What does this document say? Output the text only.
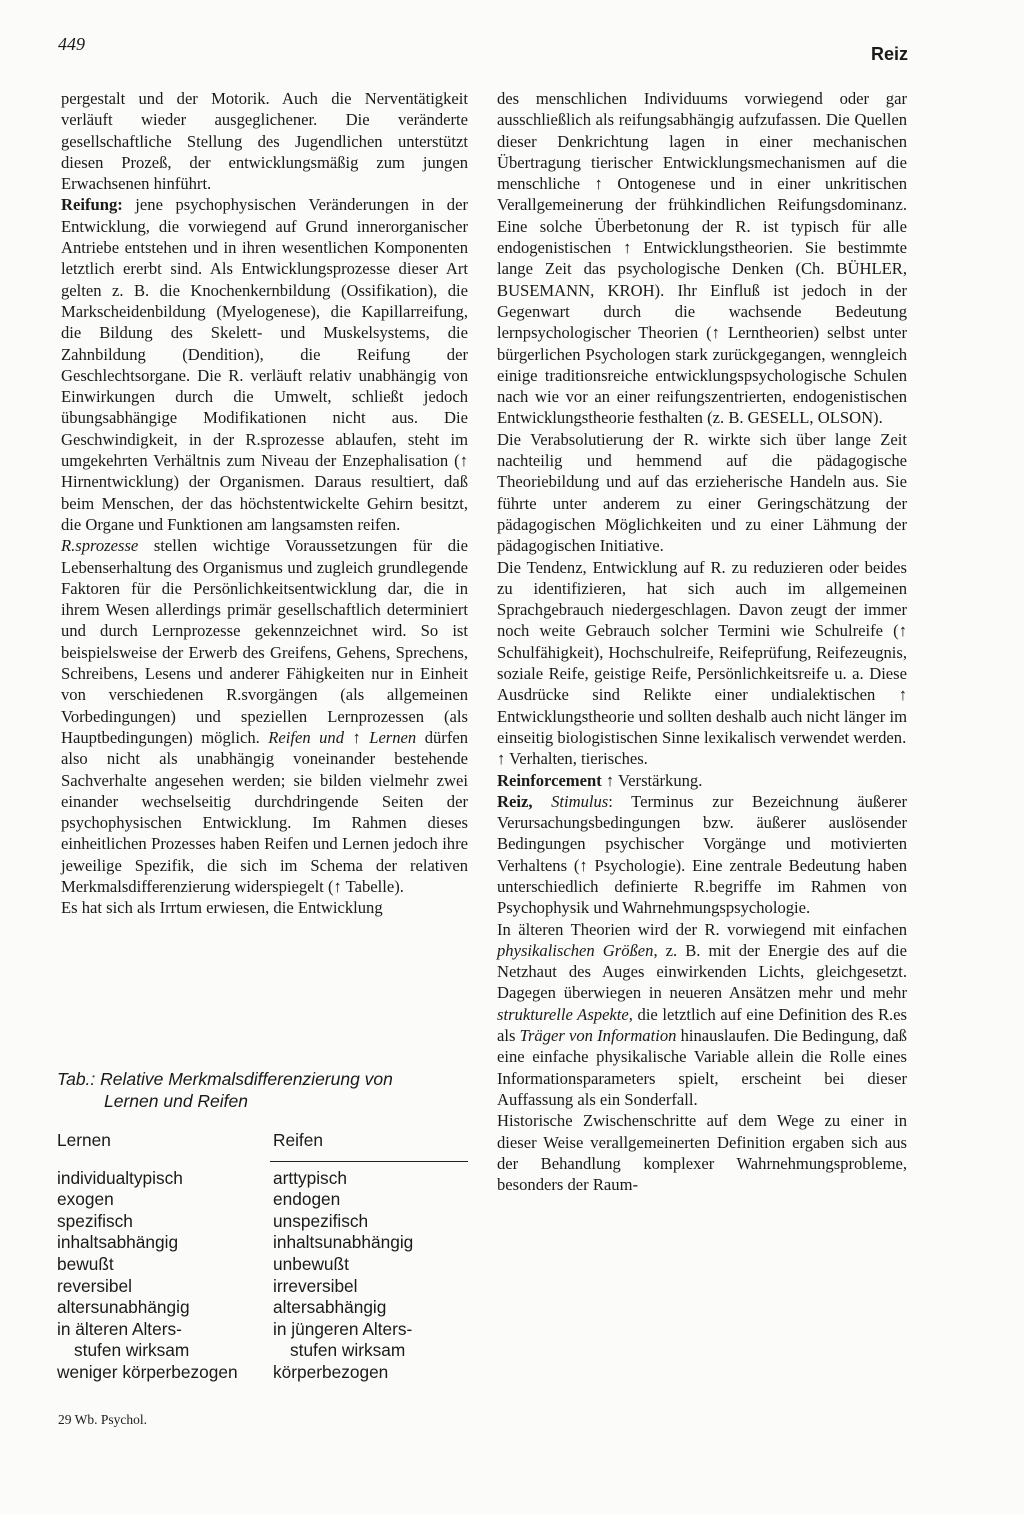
449	Reiz

pergestalt und der Motorik. Auch die Nerventätigkeit verläuft wieder ausgeglichener. Die veränderte gesellschaftliche Stellung des Jugendlichen unterstützt diesen Prozeß, der entwicklungsmäßig zum jungen Erwachsenen hinführt.

Reifung: jene psychophysischen Veränderungen in der Entwicklung, die vorwiegend auf Grund innerorganischer Antriebe entstehen und in ihren wesentlichen Komponenten letztlich ererbt sind. Als Entwicklungsprozesse dieser Art gelten z. B. die Knochenkernbildung (Ossifikation), die Markscheidenbildung (Myelogenese), die Kapillarreifung, die Bildung des Skelett- und Muskelsystems, die Zahnbildung (Dendition), die Reifung der Geschlechtsorgane. Die R. verläuft relativ unabhängig von Einwirkungen durch die Umwelt, schließt jedoch übungsabhängige Modifikationen nicht aus. Die Geschwindigkeit, in der R.sprozesse ablaufen, steht im umgekehrten Verhältnis zum Niveau der Enzephalisation (↑ Hirnentwicklung) der Organismen. Daraus resultiert, daß beim Menschen, der das höchstentwickelte Gehirn besitzt, die Organe und Funktionen am langsamsten reifen.

R.sprozesse stellen wichtige Voraussetzungen für die Lebenserhaltung des Organismus und zugleich grundlegende Faktoren für die Persönlichkeitsentwicklung dar, die in ihrem Wesen allerdings primär gesellschaftlich determiniert und durch Lernprozesse gekennzeichnet wird. So ist beispielsweise der Erwerb des Greifens, Gehens, Sprechens, Schreibens, Lesens und anderer Fähigkeiten nur in Einheit von verschiedenen R.svorgängen (als allgemeinen Vorbedingungen) und speziellen Lernprozessen (als Hauptbedingungen) möglich. Reifen und ↑ Lernen dürfen also nicht als unabhängig voneinander bestehende Sachverhalte angesehen werden; sie bilden vielmehr zwei einander wechselseitig durchdringende Seiten der psychophysischen Entwicklung. Im Rahmen dieses einheitlichen Prozesses haben Reifen und Lernen jedoch ihre jeweilige Spezifik, die sich im Schema der relativen Merkmalsdifferenzierung widerspiegelt (↑ Tabelle).

Es hat sich als Irrtum erwiesen, die Entwicklung

Tab.: Relative Merkmalsdifferenzierung von
Lernen und Reifen
Lernen	Reifen
individualtypisch	arttypisch
exogen	endogen
spezifisch	unspezifisch
inhaltsabhängig	inhaltsunabhängig
bewußt	unbewußt
reversibel	irreversibel
altersunabhängig	altersabhängig
in älteren Alters-	in jüngeren Alters-
stufen wirksam	stufen wirksam
weniger körperbezogen	körperbezogen

des menschlichen Individuums vorwiegend oder gar ausschließlich als reifungsabhängig aufzufassen. Die Quellen dieser Denkrichtung lagen in einer mechanischen Übertragung tierischer Entwicklungsmechanismen auf die menschliche ↑ Ontogenese und in einer unkritischen Verallgemeinerung der frühkindlichen Reifungsdominanz. Eine solche Überbetonung der R. ist typisch für alle endogenistischen ↑ Entwicklungstheorien. Sie bestimmte lange Zeit das psychologische Denken (Ch. BÜHLER, BUSEMANN, KROH). Ihr Einfluß ist jedoch in der Gegenwart durch die wachsende Bedeutung lernpsychologischer Theorien (↑ Lerntheorien) selbst unter bürgerlichen Psychologen stark zurückgegangen, wenngleich einige traditionsreiche entwicklungspsychologische Schulen nach wie vor an einer reifungszentrierten, endogenistischen Entwicklungstheorie festhalten (z. B. GESELL, OLSON).

Die Verabsolutierung der R. wirkte sich über lange Zeit nachteilig und hemmend auf die pädagogische Theoriebildung und auf das erzieherische Handeln aus. Sie führte unter anderem zu einer Geringschätzung der pädagogischen Möglichkeiten und zu einer Lähmung der pädagogischen Initiative.

Die Tendenz, Entwicklung auf R. zu reduzieren oder beides zu identifizieren, hat sich auch im allgemeinen Sprachgebrauch niedergeschlagen. Davon zeugt der immer noch weite Gebrauch solcher Termini wie Schulreife (↑ Schulfähigkeit), Hochschulreife, Reifeprüfung, Reifezeugnis, soziale Reife, geistige Reife, Persönlichkeitsreife u. a. Diese Ausdrücke sind Relikte einer undialektischen ↑ Entwicklungstheorie und sollten deshalb auch nicht länger im einseitig biologistischen Sinne lexikalisch verwendet werden.

↑ Verhalten, tierisches.

Reinforcement ↑ Verstärkung.

Reiz, Stimulus: Terminus zur Bezeichnung äußerer Verursachungsbedingungen bzw. äußerer auslösender Bedingungen psychischer Vorgänge und motivierten Verhaltens (↑ Psychologie). Eine zentrale Bedeutung haben unterschiedlich definierte R.begriffe im Rahmen von Psychophysik und Wahrnehmungspsychologie.

In älteren Theorien wird der R. vorwiegend mit einfachen physikalischen Größen, z. B. mit der Energie des auf die Netzhaut des Auges einwirkenden Lichts, gleichgesetzt. Dagegen überwiegen in neueren Ansätzen mehr und mehr strukturelle Aspekte, die letztlich auf eine Definition des R.es als Träger von Information hinauslaufen. Die Bedingung, daß eine einfache physikalische Variable allein die Rolle eines Informationsparameters spielt, erscheint bei dieser Auffassung als ein Sonderfall.

Historische Zwischenschritte auf dem Wege zu einer in dieser Weise verallgemeinerten Definition ergaben sich aus der Behandlung komplexer Wahrnehmungsprobleme, besonders der Raum-

29 Wb. Psychol.
